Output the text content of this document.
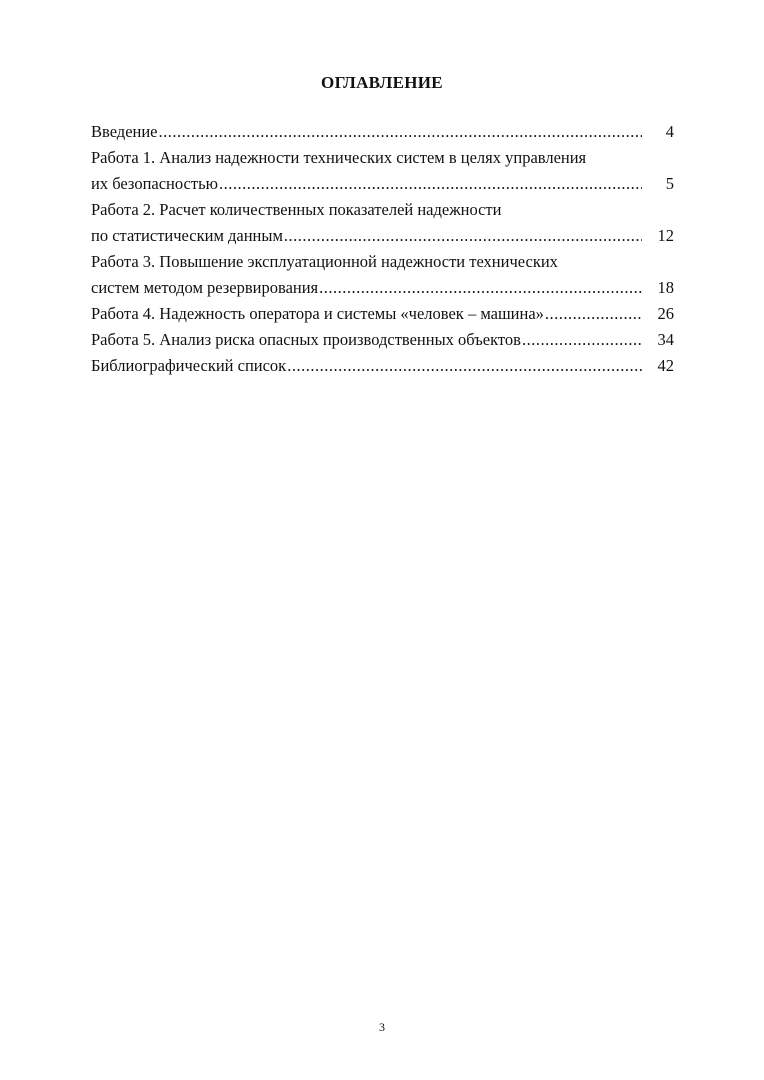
ОГЛАВЛЕНИЕ
Введение .....	4
Работа 1. Анализ надежности технических систем в целях управления
их безопасностью .....	5
Работа 2. Расчет количественных показателей надежности
по статистическим данным .....	12
Работа 3. Повышение эксплуатационной надежности технических
систем методом резервирования .....	18
Работа 4. Надежность оператора и системы «человек – машина» .....	26
Работа 5. Анализ риска опасных производственных объектов .....	34
Библиографический список .....	42
3
